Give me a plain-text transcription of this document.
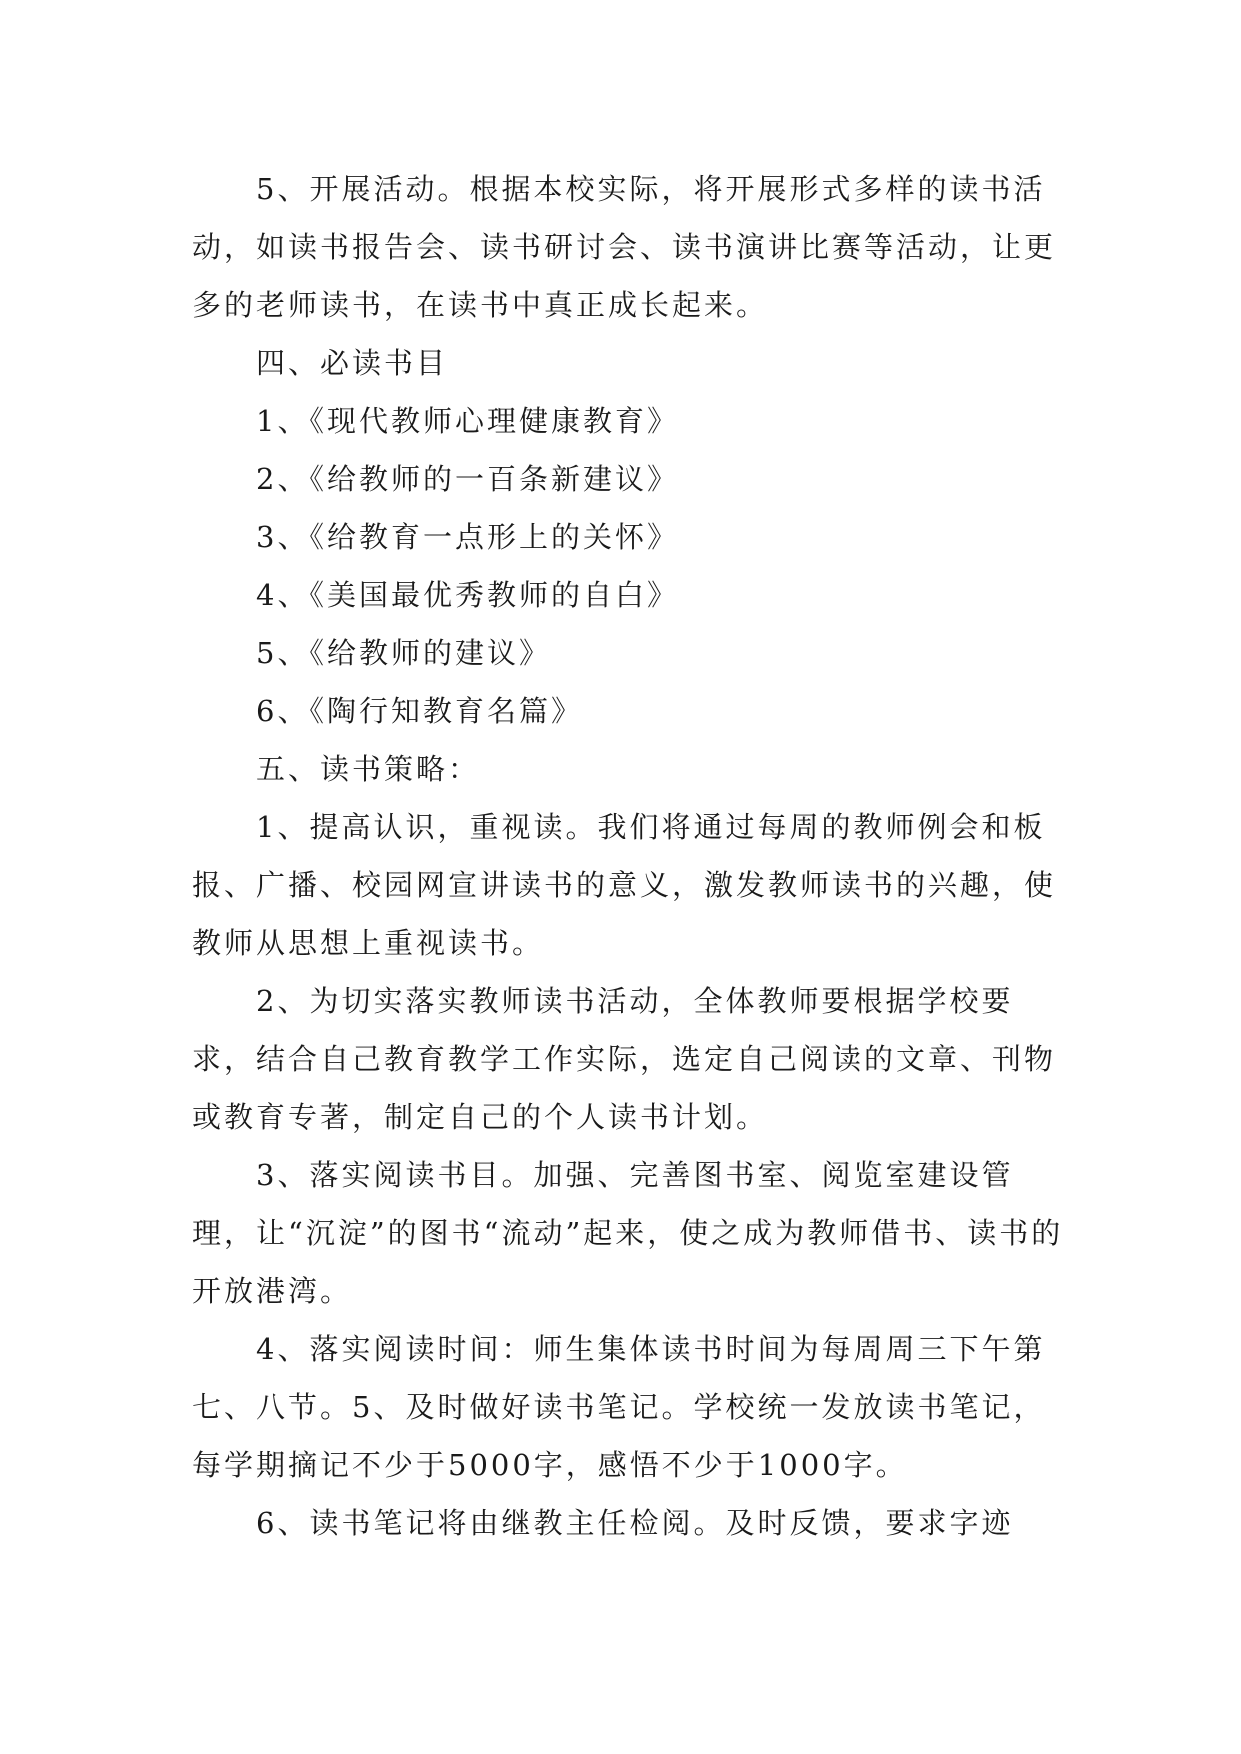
5、开展活动。根据本校实际，将开展形式多样的读书活动，如读书报告会、读书研讨会、读书演讲比赛等活动，让更多的老师读书，在读书中真正成长起来。

四、必读书目

1、《现代教师心理健康教育》

2、《给教师的一百条新建议》

3、《给教育一点形上的关怀》

4、《美国最优秀教师的自白》

5、《给教师的建议》

6、《陶行知教育名篇》

五、读书策略：

1、提高认识，重视读。我们将通过每周的教师例会和板报、广播、校园网宣讲读书的意义，激发教师读书的兴趣，使教师从思想上重视读书。

2、为切实落实教师读书活动，全体教师要根据学校要求，结合自己教育教学工作实际，选定自己阅读的文章、刊物或教育专著，制定自己的个人读书计划。

3、落实阅读书目。加强、完善图书室、阅览室建设管理，让“沉淀”的图书“流动”起来，使之成为教师借书、读书的开放港湾。

4、落实阅读时间：师生集体读书时间为每周周三下午第七、八节。5、及时做好读书笔记。学校统一发放读书笔记，每学期摘记不少于5000字，感悟不少于1000字。

6、读书笔记将由继教主任检阅。及时反馈，要求字迹
